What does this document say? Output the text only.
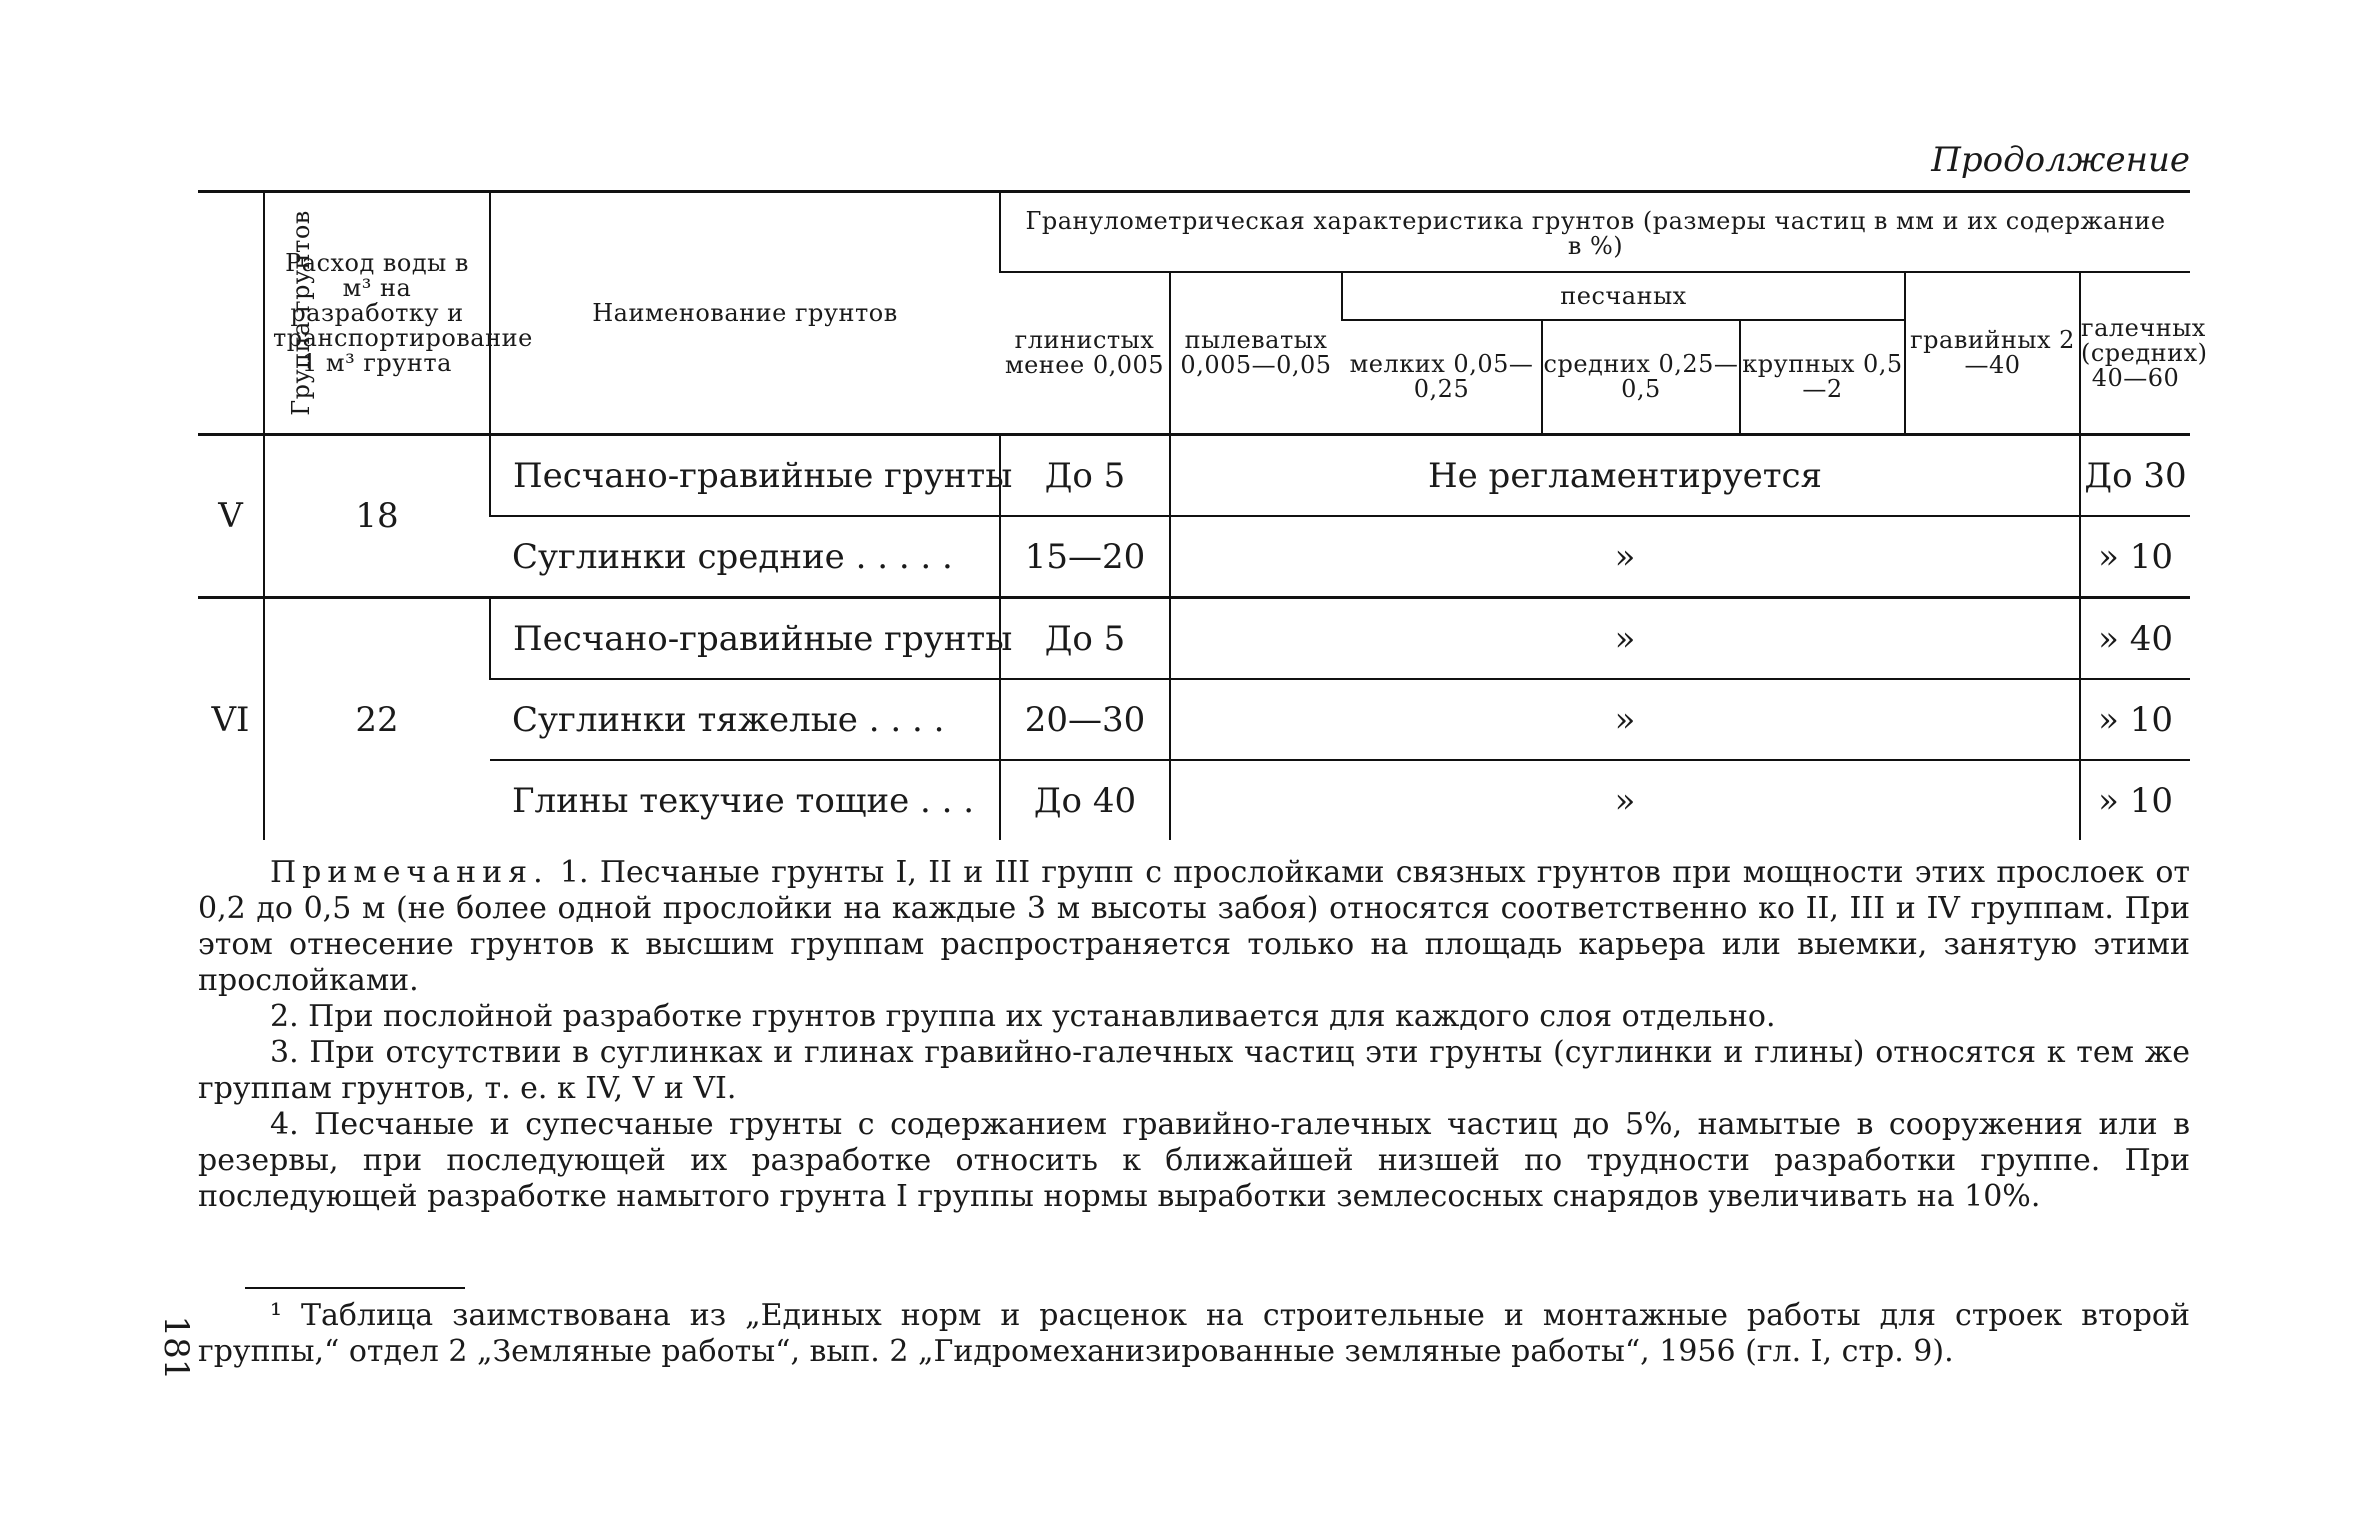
Продолжение
Группа грунтов	Расход воды в м³ на разработку и транспортирование 1 м³ грунта	Наименование грунтов	Гранулометрическая характеристика грунтов (размеры частиц в мм и их содержание в %)						

			глинистых менее 0,005	пылеватых 0,005—0,05	песчаных			гравийных 2—40	галечных (средних) 40—60

					мелких 0,05—0,25	средних 0,25—0,5	крупных 0,5—2		

V	18	Песчано-гравийные грунты	До 5	Не регламентируется					До 30
		Суглинки средние . . . . .	15—20	»					» 10
VI	22	Песчано-гравийные грунты	До 5	»					» 40
		Суглинки тяжелые . . . .	20—30	»					» 10
		Глины текучие тощие . . .	До 40	»					» 10

Примечания. 1. Песчаные грунты I, II и III групп с прослойками связных грунтов при мощности этих прослоек от 0,2 до 0,5 м (не более одной прослойки на каждые 3 м высоты забоя) относятся соответственно ко II, III и IV группам. При этом отнесение грунтов к высшим группам распространяется только на площадь карьера или выемки, занятую этими прослойками.

2. При послойной разработке грунтов группа их устанавливается для каждого слоя отдельно.

3. При отсутствии в суглинках и глинах гравийно-галечных частиц эти грунты (суглинки и глины) относятся к тем же группам грунтов, т. е. к IV, V и VI.

4. Песчаные и супесчаные грунты с содержанием гравийно-галечных частиц до 5%, намытые в сооружения или в резервы, при последующей их разработке относить к ближайшей низшей по трудности разработки группе. При последующей разработке намытого грунта I группы нормы выработки землесосных снарядов увеличивать на 10%.

¹ Таблица заимствована из „Единых норм и расценок на строительные и монтажные работы для строек второй группы,“ отдел 2 „Земляные работы“, вып. 2 „Гидромеханизированные земляные работы“, 1956 (гл. I, стр. 9).

181
